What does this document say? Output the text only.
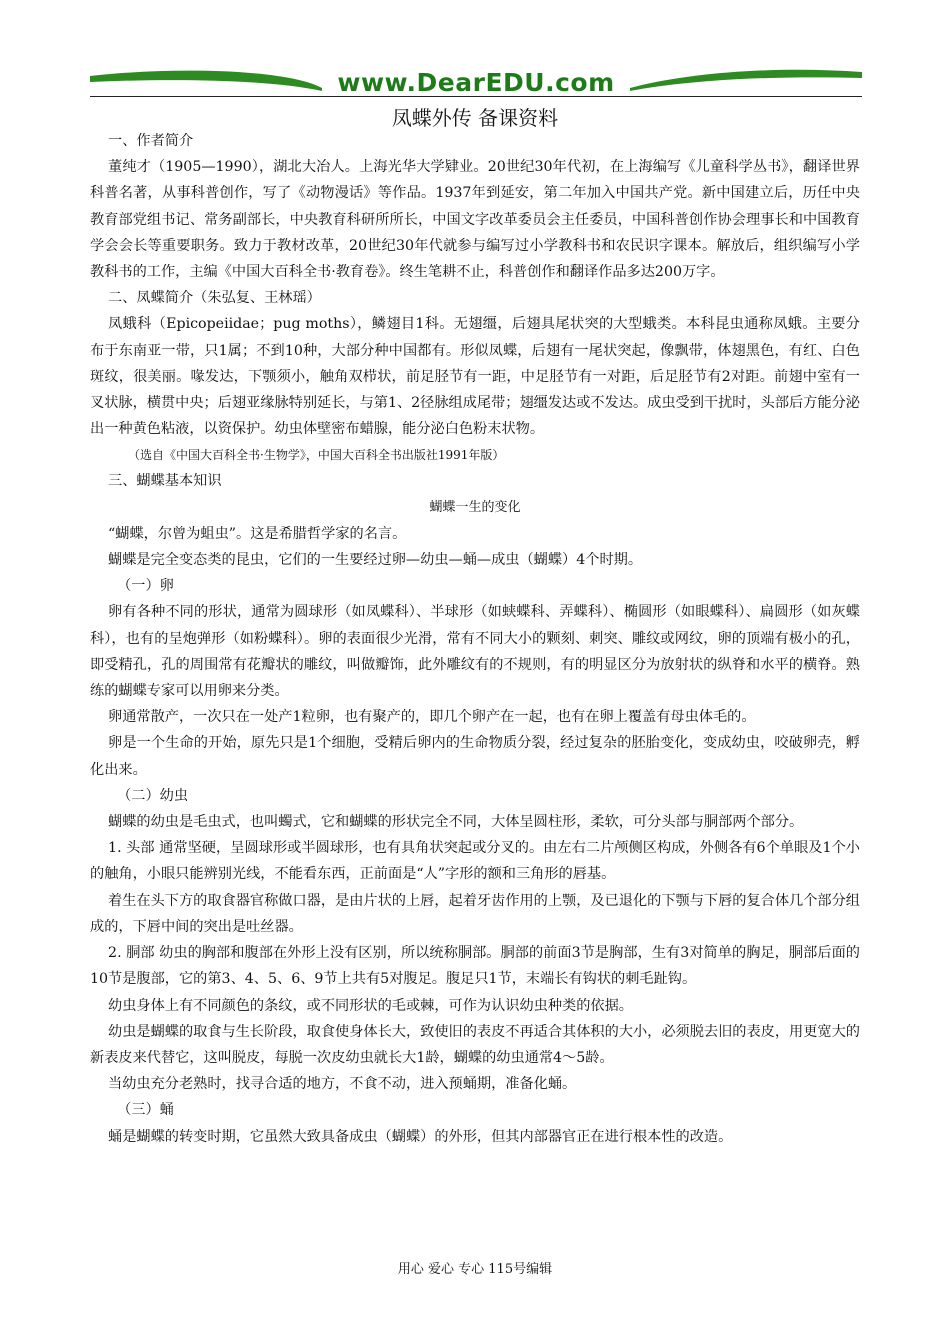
www.DearEDU.com
凤蝶外传 备课资料

一、作者简介

董纯才（1905—1990），湖北大冶人。上海光华大学肄业。20世纪30年代初，在上海编写《儿童科学丛书》，翻译世界科普名著，从事科普创作，写了《动物漫话》等作品。1937年到延安，第二年加入中国共产党。新中国建立后，历任中央教育部党组书记、常务副部长，中央教育科研所所长，中国文字改革委员会主任委员，中国科普创作协会理事长和中国教育学会会长等重要职务。致力于教材改革，20世纪30年代就参与编写过小学教科书和农民识字课本。解放后，组织编写小学教科书的工作，主编《中国大百科全书·教育卷》。终生笔耕不止，科普创作和翻译作品多达200万字。

二、凤蝶简介（朱弘复、王林瑶）

凤蛾科（Epicopeiidae；pug moths），鳞翅目1科。无翅缰，后翅具尾状突的大型蛾类。本科昆虫通称凤蛾。主要分布于东南亚一带，只1属；不到10种，大部分种中国都有。形似凤蝶，后翅有一尾状突起，像飘带，体翅黑色，有红、白色斑纹，很美丽。喙发达，下颚须小，触角双栉状，前足胫节有一距，中足胫节有一对距，后足胫节有2对距。前翅中室有一叉状脉，横贯中央；后翅亚缘脉特别延长，与第1、2径脉组成尾带；翅缰发达或不发达。成虫受到干扰时，头部后方能分泌出一种黄色粘液，以资保护。幼虫体壁密布蜡腺，能分泌白色粉末状物。

（选自《中国大百科全书·生物学》，中国大百科全书出版社1991年版）

三、蝴蝶基本知识

蝴蝶一生的变化

“蝴蝶，尔曾为蛆虫”。这是希腊哲学家的名言。

蝴蝶是完全变态类的昆虫，它们的一生要经过卵—幼虫—蛹—成虫（蝴蝶）4个时期。

（一）卵

卵有各种不同的形状，通常为圆球形（如凤蝶科）、半球形（如蛱蝶科、弄蝶科）、椭圆形（如眼蝶科）、扁圆形（如灰蝶科），也有的呈炮弹形（如粉蝶科）。卵的表面很少光滑，常有不同大小的颗刻、刺突、雕纹或网纹，卵的顶端有极小的孔，即受精孔，孔的周围常有花瓣状的雕纹，叫做瓣饰，此外雕纹有的不规则，有的明显区分为放射状的纵脊和水平的横脊。熟练的蝴蝶专家可以用卵来分类。

卵通常散产，一次只在一处产1粒卵，也有聚产的，即几个卵产在一起，也有在卵上覆盖有母虫体毛的。

卵是一个生命的开始，原先只是1个细胞，受精后卵内的生命物质分裂，经过复杂的胚胎变化，变成幼虫，咬破卵壳，孵化出来。

（二）幼虫

蝴蝶的幼虫是毛虫式，也叫蠋式，它和蝴蝶的形状完全不同，大体呈圆柱形，柔软，可分头部与胴部两个部分。

1. 头部 通常坚硬，呈圆球形或半圆球形，也有具角状突起或分叉的。由左右二片颅侧区构成，外侧各有6个单眼及1个小的触角，小眼只能辨别光线，不能看东西，正前面是“人”字形的额和三角形的唇基。

着生在头下方的取食器官称做口器，是由片状的上唇，起着牙齿作用的上颚，及已退化的下颚与下唇的复合体几个部分组成的，下唇中间的突出是吐丝器。

2. 胴部 幼虫的胸部和腹部在外形上没有区别，所以统称胴部。胴部的前面3节是胸部，生有3对简单的胸足，胴部后面的10节是腹部，它的第3、4、5、6、9节上共有5对腹足。腹足只1节，末端长有钩状的刺毛趾钩。

幼虫身体上有不同颜色的条纹，或不同形状的毛或棘，可作为认识幼虫种类的依据。

幼虫是蝴蝶的取食与生长阶段，取食使身体长大，致使旧的表皮不再适合其体积的大小，必须脱去旧的表皮，用更宽大的新表皮来代替它，这叫脱皮，每脱一次皮幼虫就长大1龄，蝴蝶的幼虫通常4～5龄。

当幼虫充分老熟时，找寻合适的地方，不食不动，进入预蛹期，准备化蛹。

（三）蛹

蛹是蝴蝶的转变时期，它虽然大致具备成虫（蝴蝶）的外形，但其内部器官正在进行根本性的改造。

用心 爱心 专心 115号编辑
